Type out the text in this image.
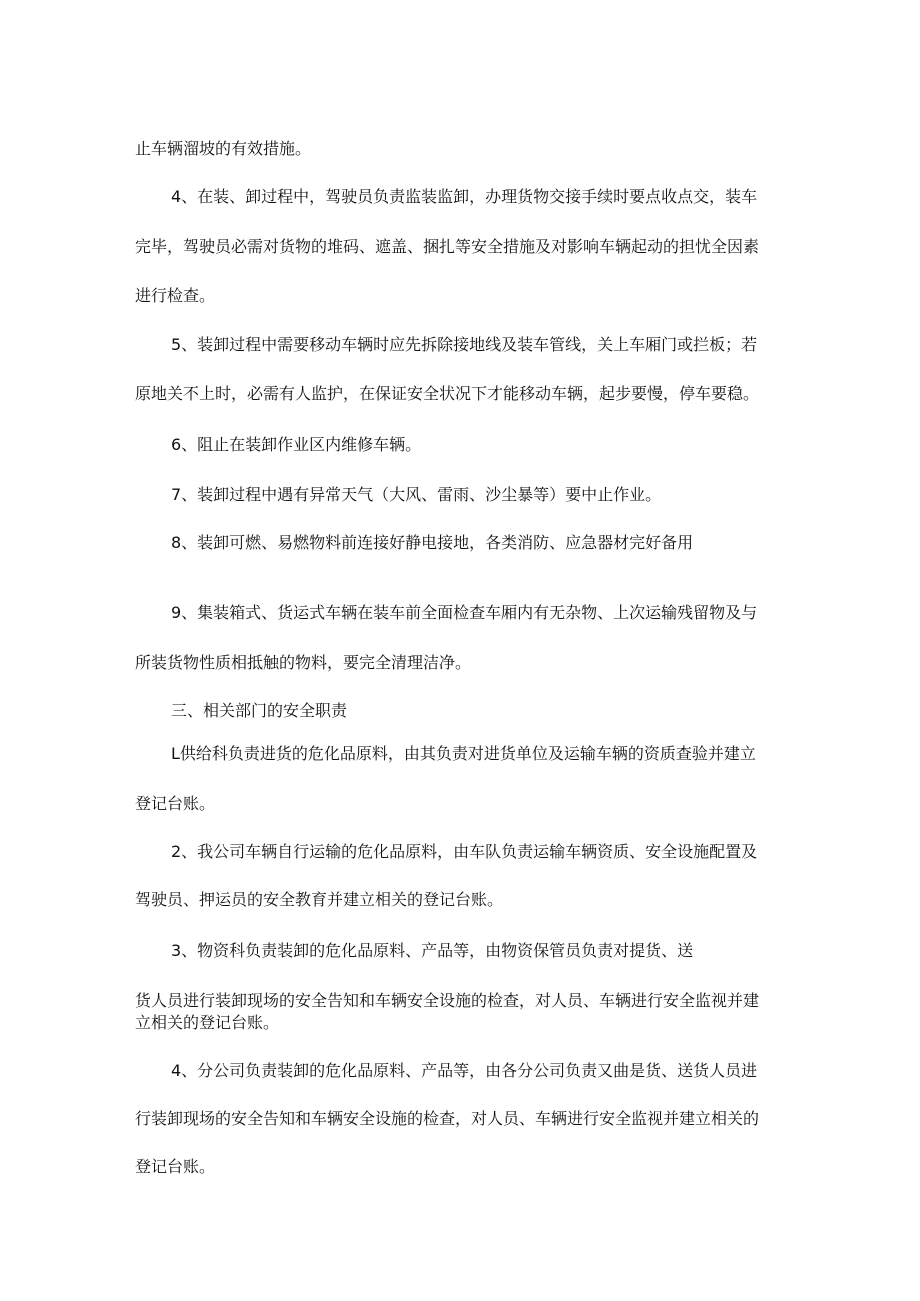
止车辆溜坡的有效措施。
4、在装、卸过程中，驾驶员负责监装监卸，办理货物交接手续时要点收点交，装车
完毕，驾驶员必需对货物的堆码、遮盖、捆扎等安全措施及对影响车辆起动的担忧全因素
进行检查。
5、装卸过程中需要移动车辆时应先拆除接地线及装车管线，关上车厢门或拦板；若
原地关不上时，必需有人监护，在保证安全状况下才能移动车辆，起步要慢，停车要稳。
6、阻止在装卸作业区内维修车辆。
7、装卸过程中遇有异常天气（大风、雷雨、沙尘暴等）要中止作业。
8、装卸可燃、易燃物料前连接好静电接地，各类消防、应急器材完好备用
9、集装箱式、货运式车辆在装车前全面检查车厢内有无杂物、上次运输残留物及与
所装货物性质相抵触的物料，要完全清理洁净。
三、相关部门的安全职责
L供给科负责进货的危化品原料，由其负责对进货单位及运输车辆的资质查验并建立
登记台账。
2、我公司车辆自行运输的危化品原料，由车队负责运输车辆资质、安全设施配置及
驾驶员、押运员的安全教育并建立相关的登记台账。
3、物资科负责装卸的危化品原料、产品等，由物资保管员负责对提货、送
货人员进行装卸现场的安全告知和车辆安全设施的检查，对人员、车辆进行安全监视并建
立相关的登记台账。
4、分公司负责装卸的危化品原料、产品等，由各分公司负责又曲是货、送货人员进
行装卸现场的安全告知和车辆安全设施的检查，对人员、车辆进行安全监视并建立相关的
登记台账。
